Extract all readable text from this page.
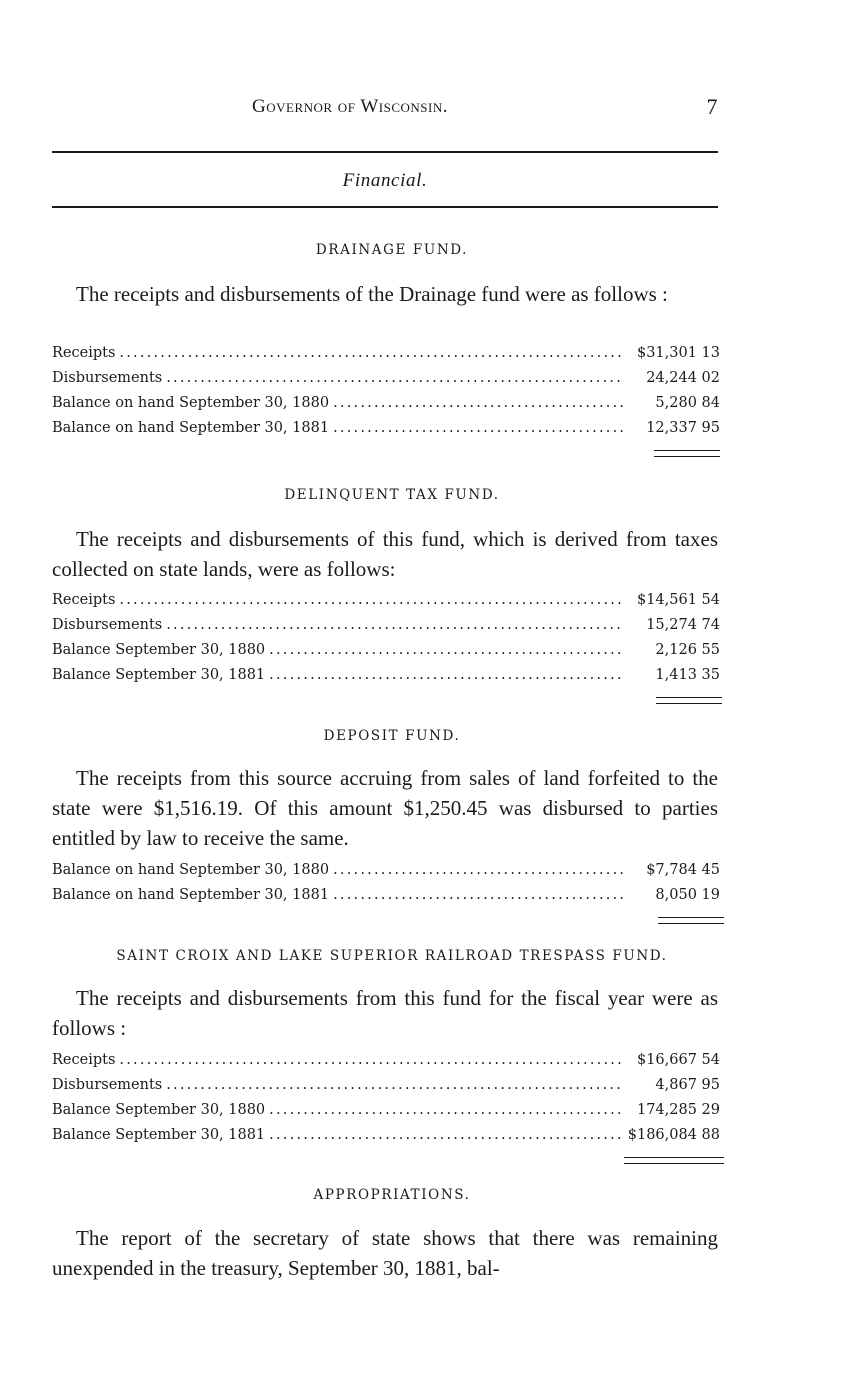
Governor of Wisconsin.	7
Financial.
DRAINAGE FUND.
The receipts and disbursements of the Drainage fund were as follows :
Receipts . . .	$31,301 13
Disbursements . . .	24,244 02
Balance on hand September 30, 1880 . . .	5,280 84
Balance on hand September 30, 1881 . . .	12,337 95
DELINQUENT TAX FUND.
The receipts and disbursements of this fund, which is derived from taxes collected on state lands, were as follows:
Receipts . . .	$14,561 54
Disbursements . . .	15,274 74
Balance September 30, 1880 . . .	2,126 55
Balance September 30, 1881 . . .	1,413 35
DEPOSIT FUND.
The receipts from this source accruing from sales of land forfeited to the state were $1,516.19. Of this amount $1,250.45 was disbursed to parties entitled by law to receive the same.
Balance on hand September 30, 1880 . . .	$7,784 45
Balance on hand September 30, 1881 . . .	8,050 19
SAINT CROIX AND LAKE SUPERIOR RAILROAD TRESPASS FUND.
The receipts and disbursements from this fund for the fiscal year were as follows :
Receipts . . .	$16,667 54
Disbursements . . .	4,867 95
Balance September 30, 1880 . . .	174,285 29
Balance September 30, 1881 . . .	$186,084 88
APPROPRIATIONS.
The report of the secretary of state shows that there was remaining unexpended in the treasury, September 30, 1881, bal-
